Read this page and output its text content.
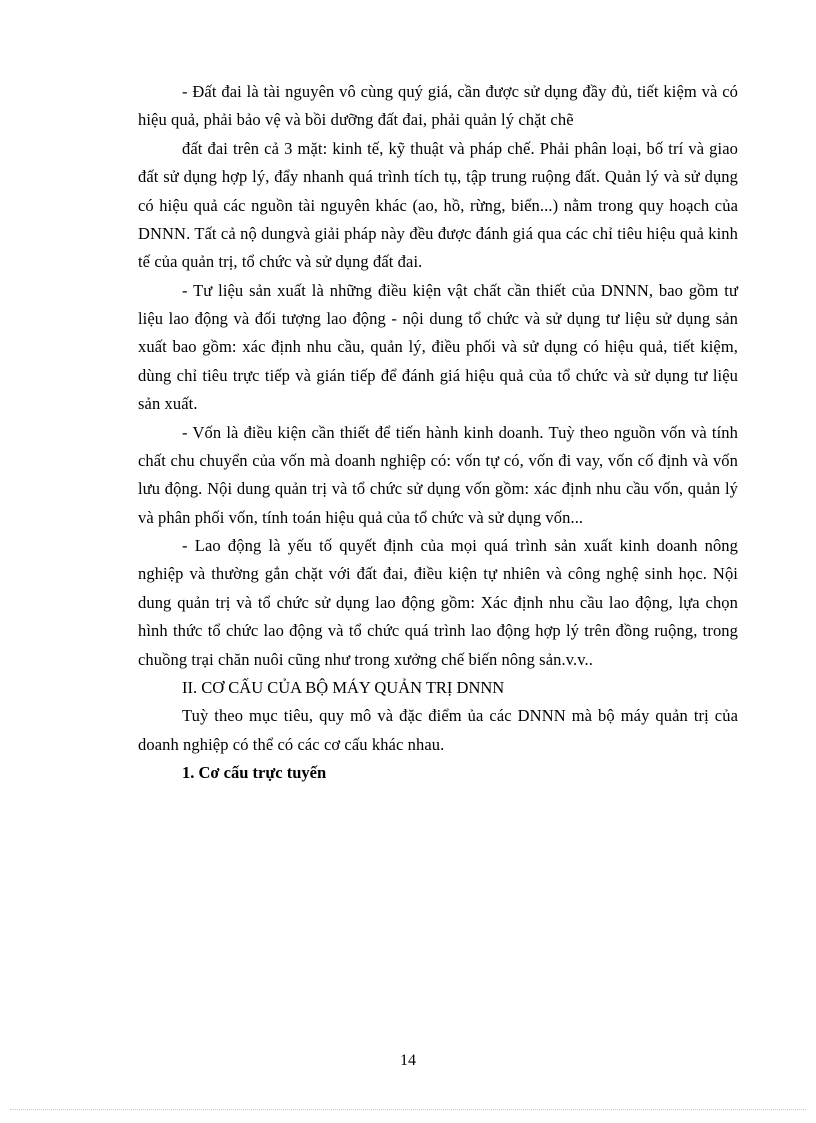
- Đất đai là tài nguyên vô cùng quý giá, cần được sử dụng đầy đủ, tiết kiệm và có hiệu quả, phải bảo vệ và bồi dưỡng đất đai, phải quản lý chặt chẽ

đất đai trên cả 3 mặt: kinh tế, kỹ thuật và pháp chế. Phải phân loại, bố trí và giao đất sử dụng hợp lý, đẩy nhanh quá trình tích tụ, tập trung ruộng đất. Quản lý và sử dụng có hiệu quả các nguồn tài nguyên khác (ao, hồ, rừng, biển...) nằm trong quy hoạch của DNNN. Tất cả nộ dungvà giải pháp này đều được đánh giá qua các chỉ tiêu hiệu quả kinh tế của quản trị, tổ chức và sử dụng đất đai.

- Tư liệu sản xuất là những điều kiện vật chất cần thiết của DNNN, bao gồm tư liệu lao động và đối tượng lao động - nội dung tổ chức và sử dụng tư liệu sử dụng sản xuất bao gồm: xác định nhu cầu, quản lý, điều phối và sử dụng có hiệu quả, tiết kiệm, dùng chỉ tiêu trực tiếp và gián tiếp để đánh giá hiệu quả của tổ chức và sử dụng tư liệu sản xuất.

- Vốn là điều kiện cần thiết để tiến hành kinh doanh. Tuỳ theo nguồn vốn và tính chất chu chuyển của vốn mà doanh nghiệp có: vốn tự có, vốn đi vay, vốn cố định và vốn lưu động. Nội dung quản trị và tổ chức sử dụng vốn gồm: xác định nhu cầu vốn, quản lý và phân phối vốn, tính toán hiệu quả của tổ chức và sử dụng vốn...

- Lao động là yếu tố quyết định của mọi quá trình sản xuất kinh doanh nông nghiệp và thường gắn chặt với đất đai, điều kiện tự nhiên và công nghệ sinh học. Nội dung quản trị và tổ chức sử dụng lao động gồm: Xác định nhu cầu lao động, lựa chọn hình thức tổ chức lao động và tổ chức quá trình lao động hợp lý trên đồng ruộng, trong chuồng trại chăn nuôi cũng như trong xưởng chế biến nông sản.v.v..

II. CƠ CẤU CỦA BỘ MÁY QUẢN TRỊ DNNN

Tuỳ theo mục tiêu, quy mô và đặc điểm ủa các DNNN mà bộ máy quản trị của doanh nghiệp có thể có các cơ cấu khác nhau.

1. Cơ cấu trực tuyến

14
